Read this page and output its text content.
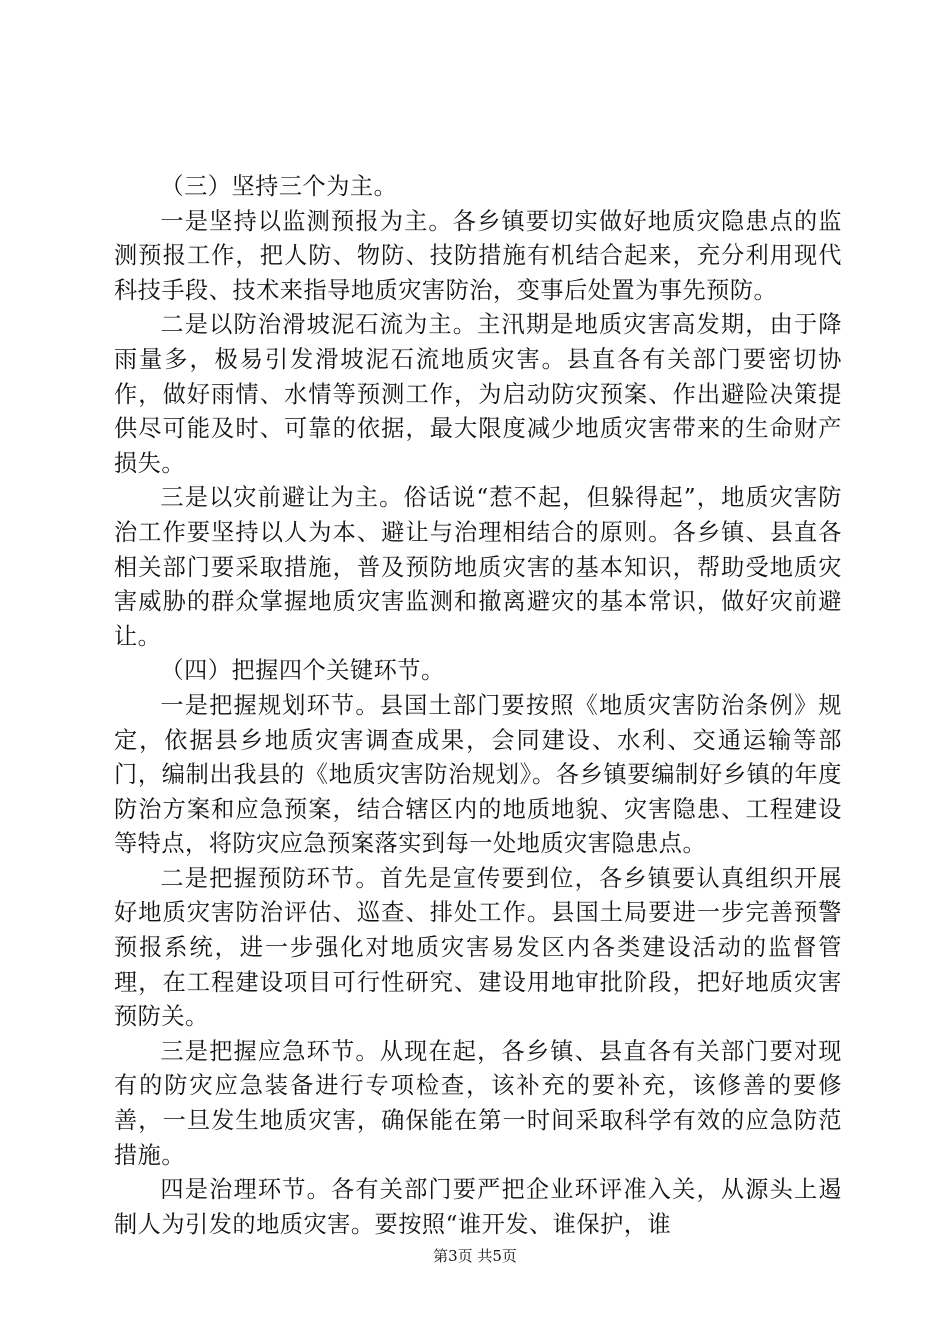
（三）坚持三个为主。

一是坚持以监测预报为主。各乡镇要切实做好地质灾隐患点的监测预报工作，把人防、物防、技防措施有机结合起来，充分利用现代科技手段、技术来指导地质灾害防治，变事后处置为事先预防。

二是以防治滑坡泥石流为主。主汛期是地质灾害高发期，由于降雨量多，极易引发滑坡泥石流地质灾害。县直各有关部门要密切协作，做好雨情、水情等预测工作，为启动防灾预案、作出避险决策提供尽可能及时、可靠的依据，最大限度减少地质灾害带来的生命财产损失。

三是以灾前避让为主。俗话说“惹不起，但躲得起”，地质灾害防治工作要坚持以人为本、避让与治理相结合的原则。各乡镇、县直各相关部门要采取措施，普及预防地质灾害的基本知识，帮助受地质灾害威胁的群众掌握地质灾害监测和撤离避灾的基本常识，做好灾前避让。

（四）把握四个关键环节。

一是把握规划环节。县国土部门要按照《地质灾害防治条例》规定，依据县乡地质灾害调查成果，会同建设、水利、交通运输等部门，编制出我县的《地质灾害防治规划》。各乡镇要编制好乡镇的年度防治方案和应急预案，结合辖区内的地质地貌、灾害隐患、工程建设等特点，将防灾应急预案落实到每一处地质灾害隐患点。

二是把握预防环节。首先是宣传要到位，各乡镇要认真组织开展好地质灾害防治评估、巡查、排处工作。县国土局要进一步完善预警预报系统，进一步强化对地质灾害易发区内各类建设活动的监督管理，在工程建设项目可行性研究、建设用地审批阶段，把好地质灾害预防关。

三是把握应急环节。从现在起，各乡镇、县直各有关部门要对现有的防灾应急装备进行专项检查，该补充的要补充，该修善的要修善，一旦发生地质灾害，确保能在第一时间采取科学有效的应急防范措施。

四是治理环节。各有关部门要严把企业环评准入关，从源头上遏制人为引发的地质灾害。要按照“谁开发、谁保护，谁

第3页 共5页
